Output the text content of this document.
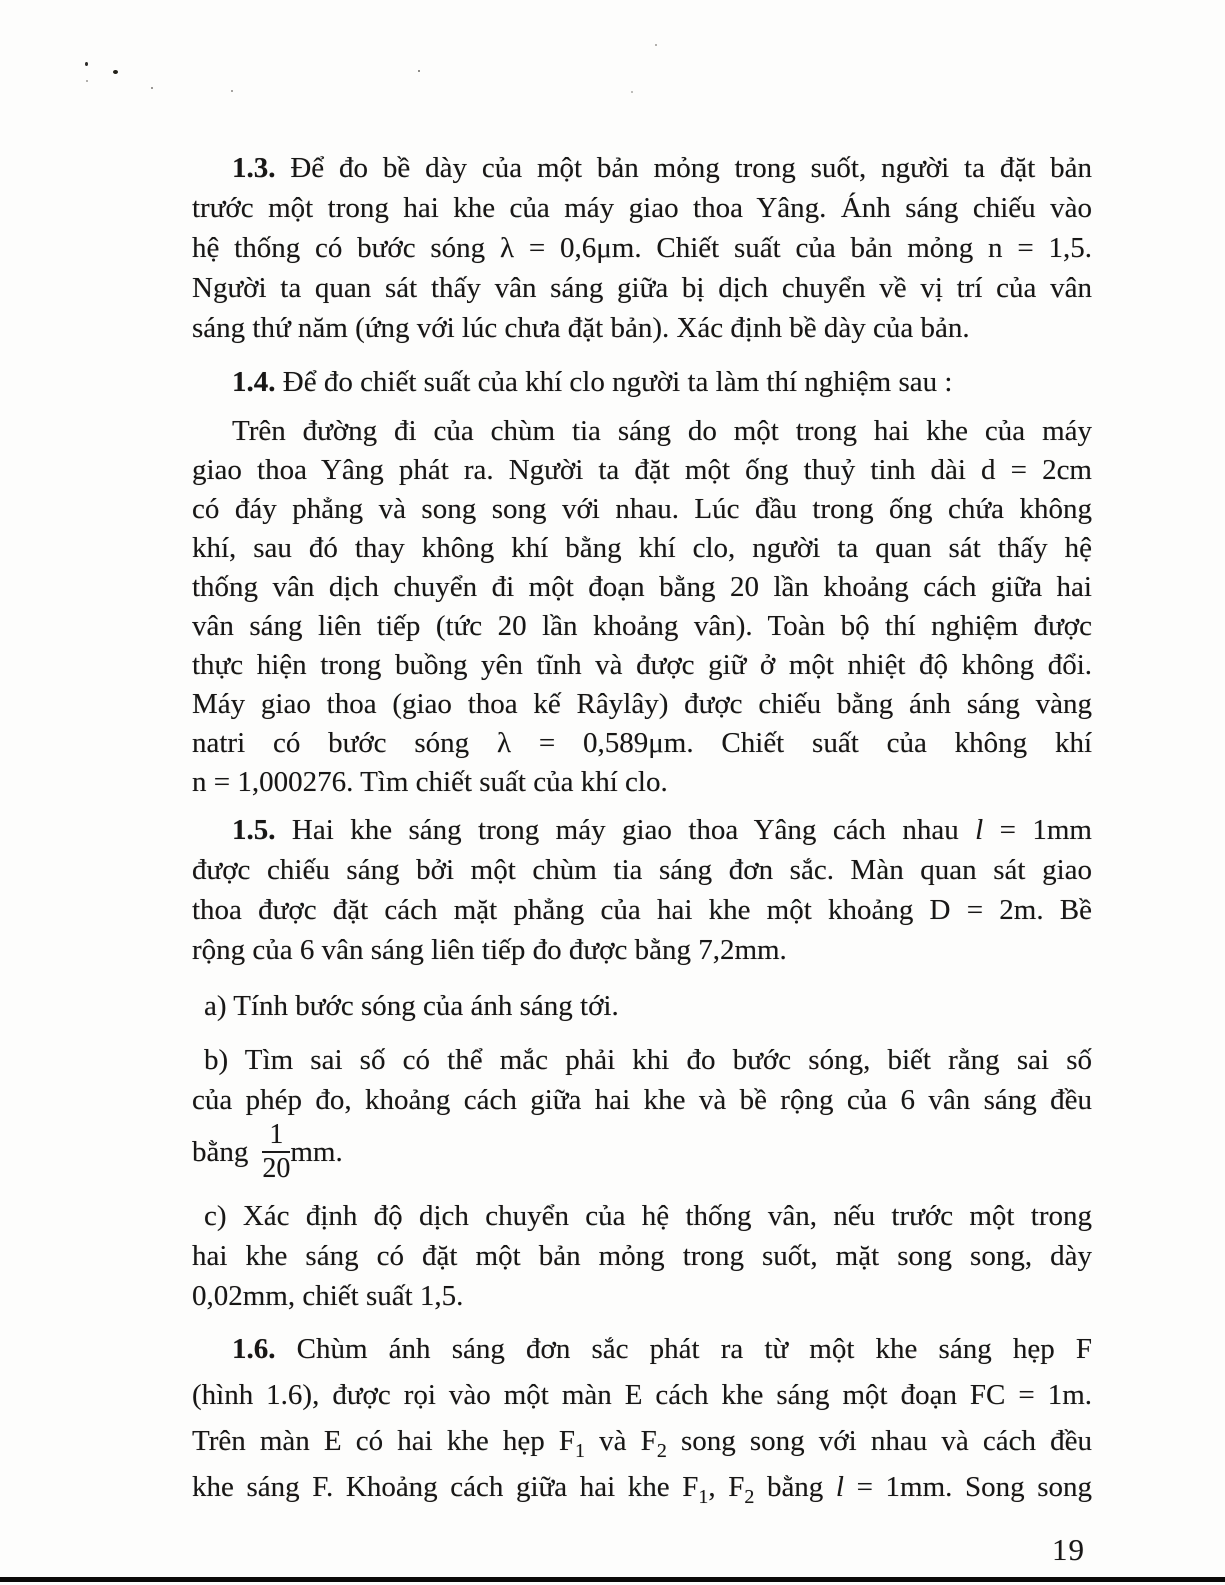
1.3. Để đo bề dày của một bản mỏng trong suốt, người ta đặt bản
trước một trong hai khe của máy giao thoa Yâng. Ánh sáng chiếu vào
hệ thống có bước sóng λ = 0,6μm. Chiết suất của bản mỏng n = 1,5.
Người ta quan sát thấy vân sáng giữa bị dịch chuyển về vị trí của vân
sáng thứ năm (ứng với lúc chưa đặt bản). Xác định bề dày của bản.
1.4. Để đo chiết suất của khí clo người ta làm thí nghiệm sau :
Trên đường đi của chùm tia sáng do một trong hai khe của máy
giao thoa Yâng phát ra. Người ta đặt một ống thuỷ tinh dài d = 2cm
có đáy phẳng và song song với nhau. Lúc đầu trong ống chứa không
khí, sau đó thay không khí bằng khí clo, người ta quan sát thấy hệ
thống vân dịch chuyển đi một đoạn bằng 20 lần khoảng cách giữa hai
vân sáng liên tiếp (tức 20 lần khoảng vân). Toàn bộ thí nghiệm được
thực hiện trong buồng yên tĩnh và được giữ ở một nhiệt độ không đổi.
Máy giao thoa (giao thoa kế Râylây) được chiếu bằng ánh sáng vàng
natri có bước sóng λ = 0,589μm. Chiết suất của không khí
n = 1,000276. Tìm chiết suất của khí clo.
1.5. Hai khe sáng trong máy giao thoa Yâng cách nhau l = 1mm
được chiếu sáng bởi một chùm tia sáng đơn sắc. Màn quan sát giao
thoa được đặt cách mặt phẳng của hai khe một khoảng D = 2m. Bề
rộng của 6 vân sáng liên tiếp đo được bằng 7,2mm.
a) Tính bước sóng của ánh sáng tới.
b) Tìm sai số có thể mắc phải khi đo bước sóng, biết rằng sai số
của phép đo, khoảng cách giữa hai khe và bề rộng của 6 vân sáng đều
bằng $\frac{1}{20}$ mm.
c) Xác định độ dịch chuyển của hệ thống vân, nếu trước một trong
hai khe sáng có đặt một bản mỏng trong suốt, mặt song song, dày
0,02mm, chiết suất 1,5.
1.6. Chùm ánh sáng đơn sắc phát ra từ một khe sáng hẹp F
(hình 1.6), được rọi vào một màn E cách khe sáng một đoạn FC = 1m.
Trên màn E có hai khe hẹp $F_1$ và $F_2$ song song với nhau và cách đều
khe sáng F. Khoảng cách giữa hai khe $F_1$, $F_2$ bằng l = 1mm. Song song
19
